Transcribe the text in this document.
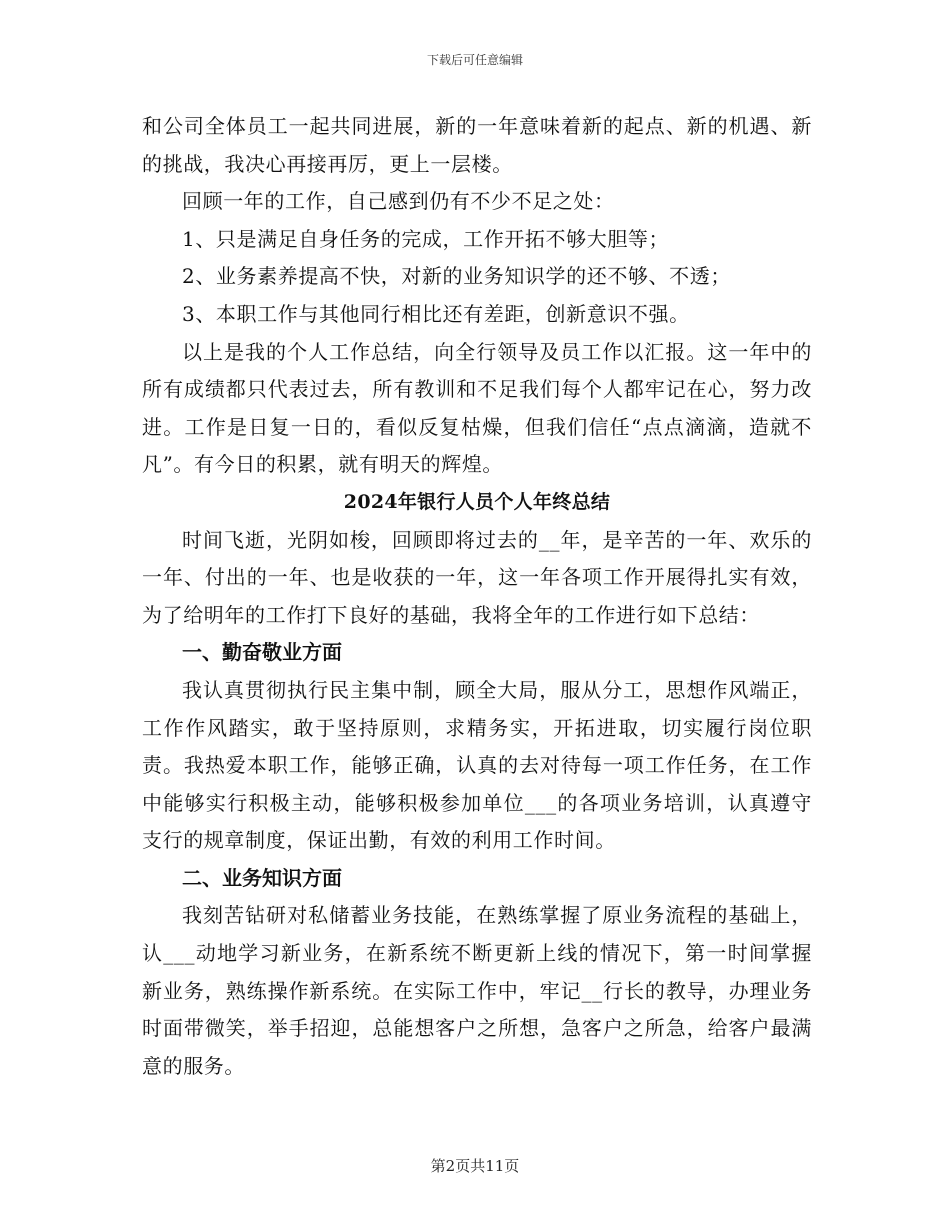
下载后可任意编辑

和公司全体员工一起共同进展，新的一年意味着新的起点、新的机遇、新的挑战，我决心再接再厉，更上一层楼。

回顾一年的工作，自己感到仍有不少不足之处：

1、只是满足自身任务的完成，工作开拓不够大胆等；

2、业务素养提高不快，对新的业务知识学的还不够、不透；

3、本职工作与其他同行相比还有差距，创新意识不强。

以上是我的个人工作总结，向全行领导及员工作以汇报。这一年中的所有成绩都只代表过去，所有教训和不足我们每个人都牢记在心，努力改进。工作是日复一日的，看似反复枯燥，但我们信任“点点滴滴，造就不凡”。有今日的积累，就有明天的辉煌。

2024年银行人员个人年终总结

时间飞逝，光阴如梭，回顾即将过去的__年，是辛苦的一年、欢乐的一年、付出的一年、也是收获的一年，这一年各项工作开展得扎实有效，为了给明年的工作打下良好的基础，我将全年的工作进行如下总结：

一、勤奋敬业方面

我认真贯彻执行民主集中制，顾全大局，服从分工，思想作风端正，工作作风踏实，敢于坚持原则，求精务实，开拓进取，切实履行岗位职责。我热爱本职工作，能够正确，认真的去对待每一项工作任务，在工作中能够实行积极主动，能够积极参加单位___的各项业务培训，认真遵守支行的规章制度，保证出勤，有效的利用工作时间。

二、业务知识方面

我刻苦钻研对私储蓄业务技能，在熟练掌握了原业务流程的基础上，认___动地学习新业务，在新系统不断更新上线的情况下，第一时间掌握新业务，熟练操作新系统。在实际工作中，牢记__行长的教导，办理业务时面带微笑，举手招迎，总能想客户之所想，急客户之所急，给客户最满意的服务。

第2页共11页
